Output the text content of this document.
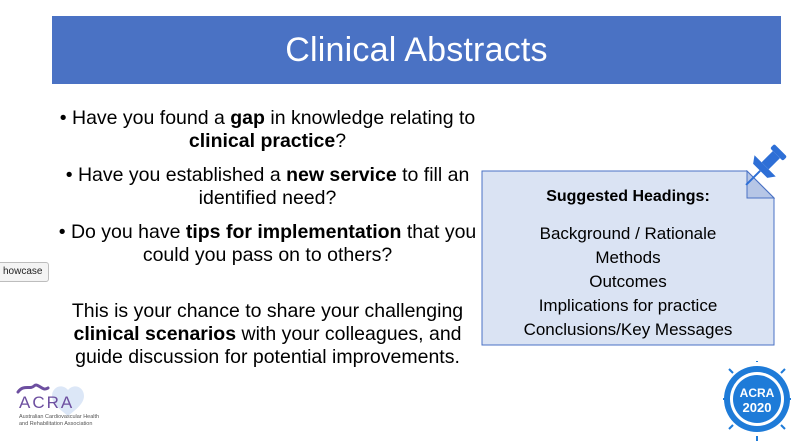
Clinical Abstracts
• Have you found a gap in knowledge relating to clinical practice?
• Have you established a new service to fill an identified need?
• Do you have tips for implementation that you could you pass on to others?
This is your chance to share your challenging clinical scenarios with your colleagues, and guide discussion for potential improvements.
howcase
Suggested Headings:
Background / Rationale
Methods
Outcomes
Implications for practice
Conclusions/Key Messages
ACRA
Australian Cardiovascular Health
and Rehabilitation Association
ACRA
2020
